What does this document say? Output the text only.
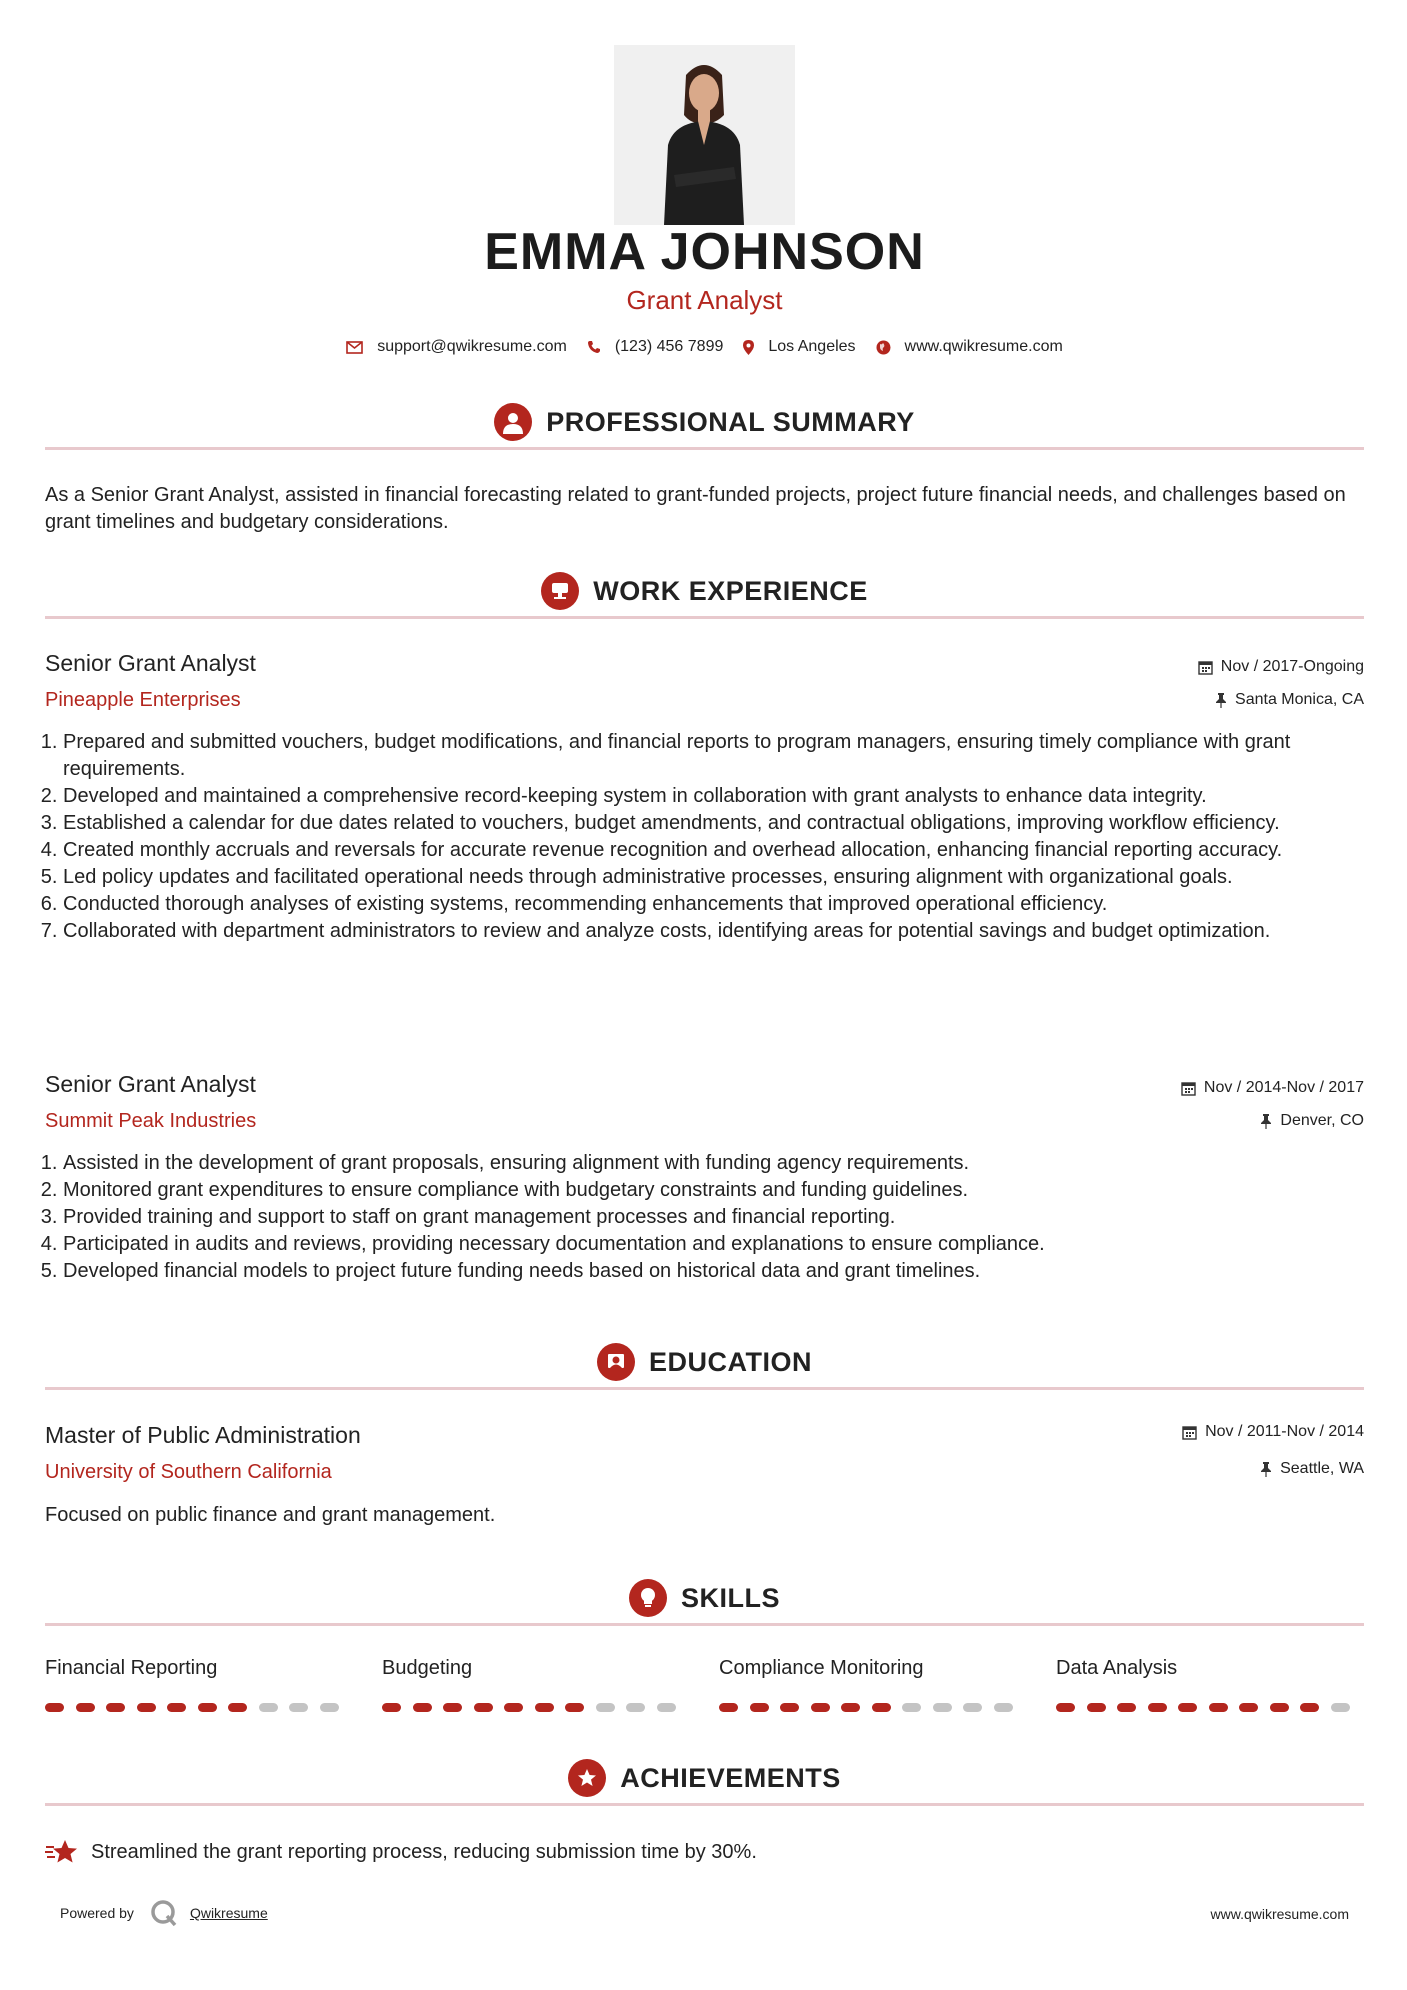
EMMA JOHNSON
Grant Analyst
support@qwikresume.com	(123) 456 7899	Los Angeles	www.qwikresume.com
PROFESSIONAL SUMMARY
As a Senior Grant Analyst, assisted in financial forecasting related to grant-funded projects, project future financial needs, and challenges based on grant timelines and budgetary considerations.
WORK EXPERIENCE
Senior Grant Analyst
Pineapple Enterprises
Nov / 2017-Ongoing
Santa Monica, CA
1. Prepared and submitted vouchers, budget modifications, and financial reports to program managers, ensuring timely compliance with grant requirements.
2. Developed and maintained a comprehensive record-keeping system in collaboration with grant analysts to enhance data integrity.
3. Established a calendar for due dates related to vouchers, budget amendments, and contractual obligations, improving workflow efficiency.
4. Created monthly accruals and reversals for accurate revenue recognition and overhead allocation, enhancing financial reporting accuracy.
5. Led policy updates and facilitated operational needs through administrative processes, ensuring alignment with organizational goals.
6. Conducted thorough analyses of existing systems, recommending enhancements that improved operational efficiency.
7. Collaborated with department administrators to review and analyze costs, identifying areas for potential savings and budget optimization.
Senior Grant Analyst
Summit Peak Industries
Nov / 2014-Nov / 2017
Denver, CO
1. Assisted in the development of grant proposals, ensuring alignment with funding agency requirements.
2. Monitored grant expenditures to ensure compliance with budgetary constraints and funding guidelines.
3. Provided training and support to staff on grant management processes and financial reporting.
4. Participated in audits and reviews, providing necessary documentation and explanations to ensure compliance.
5. Developed financial models to project future funding needs based on historical data and grant timelines.
EDUCATION
Master of Public Administration
University of Southern California
Nov / 2011-Nov / 2014
Seattle, WA
Focused on public finance and grant management.
SKILLS
Financial Reporting	Budgeting	Compliance Monitoring	Data Analysis
ACHIEVEMENTS
Streamlined the grant reporting process, reducing submission time by 30%.
Powered by	Qwikresume	www.qwikresume.com
